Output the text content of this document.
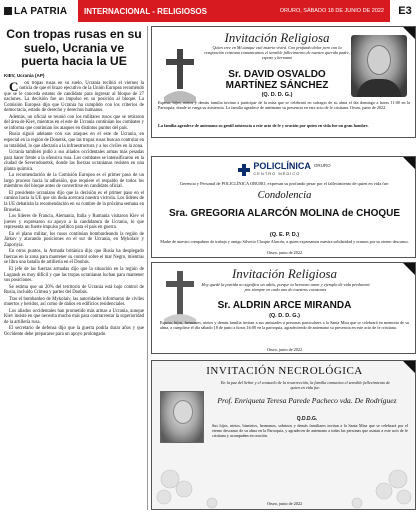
LA PATRIA INTERNACIONAL - RELIGIOSOS	ORURO, SÁBADO 18 DE JUNIO DE 2022	E3
Con tropas rusas en su suelo, Ucrania ve puerta hacia la UE
KIEV, Ucrania (AP)

Con tropas rusas en su suelo, Ucrania recibió el viernes la noticia de que el brazo ejecutivo de la Unión Europea recomendó que se le conceda estatus de candidato para ingresar al bloque de 27 naciones. La decisión fue un impulso en su posición al bloque. La Comisión Europea dijo que Ucrania ha cumplido con los criterios de democracia, estado de derecho y derechos humanos.

Además, un oficial se reunió con los militares rusos que se retiraron del área de Kiev, mientras en el este de Ucrania continúan los combates y se informa que continúan los ataques en distintos puntos del país.

Rusia siguió adelante con sus ataques en el este de Ucrania, en especial en la región de Donetsk, que las tropas rusas buscan controlar en su totalidad, lo que afectaría a la infraestructura y a los civiles en la zona.

Ucrania también pidió a sus aliados occidentales armas más pesadas para hacer frente a la ofensiva rusa. Los combates se intensificaron en la ciudad de Severodonetsk, donde las fuerzas ucranianas resisten en una planta química.

La recomendación de la Comisión Europea es el primer paso de un largo proceso hacia la adhesión, que requiere el respaldo de todos los miembros del bloque antes de convertirse en candidato oficial.

El presidente ucraniano dijo que la decisión es el primer paso en el camino hacia la UE que sin duda acercará nuestra victoria. Los líderes de la UE debatirán la recomendación en su cumbre de la próxima semana en Bruselas.

Los líderes de Francia, Alemania, Italia y Rumania visitaron Kiev el jueves y expresaron su apoyo a la candidatura de Ucrania, lo que representa un fuerte impulso político para el país en guerra.

En el plano militar, los rusos continúan bombardeando la región de Járkov y atacando posiciones en el sur de Ucrania, en Mykolaiv y Zaporiyia.

En otros puntos, la Armada británica dijo que Rusia ha desplegado fuerzas en la zona para mantener su control sobre el mar Negro, mientras se libra una batalla de artillería en el Donbás.

El jefe de las fuerzas armadas dijo que la situación en la región de Lugansk es muy difícil y que las tropas ucranianas luchan para mantener sus posiciones.

Se estima que un 20% del territorio de Ucrania está bajo control de Rusia, incluido Crimea y partes del Donbás.

Tras el bombardeo de Mykolaiv, las autoridades informaron de civiles muertos y heridos, así como de daños en edificios residenciales.

Los aliados occidentales han prometido más armas a Ucrania, aunque Kiev insiste en que necesita mucho más para contrarrestar la superioridad de la artillería rusa.

El secretario de defensa dijo que la guerra podría durar años y que Occidente debe prepararse para un apoyo prolongado.

Invitación Religiosa
Quien cree en Mí aunque esté muerto vivirá. Con profundo dolor pero con la resignación cristiana comunicamos el sensible fallecimiento de nuestro querido padre, esposo y hermano
Sr. DAVID OSVALDO MARTÍNEZ SÁNCHEZ
(Q. D. D. G.)
Esposa, hijos, nietos y demás familia invitan a participar de la misa que se celebrará en sufragio de su alma el día domingo a horas 11:00 en la Parroquia, donde se ruega su asistencia. La familia agradece de antemano su presencia en este acto de fe cristiana. Oruro, junio de 2022.
La familia agradece de antemano su gentil asistencia a este acto de fe y oración por quien en vida fue un gran hombre.
POLICLÍNICA
CENTRO MÉDICO
ORURO
Gerencia y Personal de POLICLÍNICA ORURO, expresan su profundo pesar por el fallecimiento de quien en vida fue:
Condolencia
Sra. GREGORIA ALARCÓN MOLINA de CHOQUE
(Q. E. P. D.)
Madre de nuestro compañero de trabajo y amigo Silverio Choque Alarcón, a quien expresamos nuestra solidaridad y oramos por su eterno descanso.
Oruro, junio de 2022
Invitación Religiosa
Hoy quedé la partida no significa un adiós, porque tu hermoso amor y ejemplo de vida perdurará por siempre en cada uno de nuestros corazones
Sr. ALDRIN ARCE MIRANDA
(Q. D. D. G.)
Esposa, hijos, hermanos, nietos y demás familia invitan a sus amistades a personas particulares a la Santa Misa que se celebrará en memoria de su alma, a cumplirse el día sábado 18 de junio a horas 16:00 en la parroquia, agradeciendo de antemano su presencia en este acto de fe cristiana.
Oruro, junio de 2022
INVITACIÓN NECROLÓGICA
En la paz del Señor y el consuelo de la resurrección, la familia comunica el sensible fallecimiento de quien en vida fue:
Prof. Enriqueta Teresa Parede Pacheco vda. De Rodríguez
Q.D.D.G.
Sus hijos, nietos, bisnietos, hermanos, sobrinos y demás familiares invitan a la Santa Misa que se celebrará por el eterno descanso de su alma en la Parroquia, y agradecen de antemano a todas las personas que asistan a este acto de fe cristiana y acompañen en oración.
Oruro, junio de 2022
